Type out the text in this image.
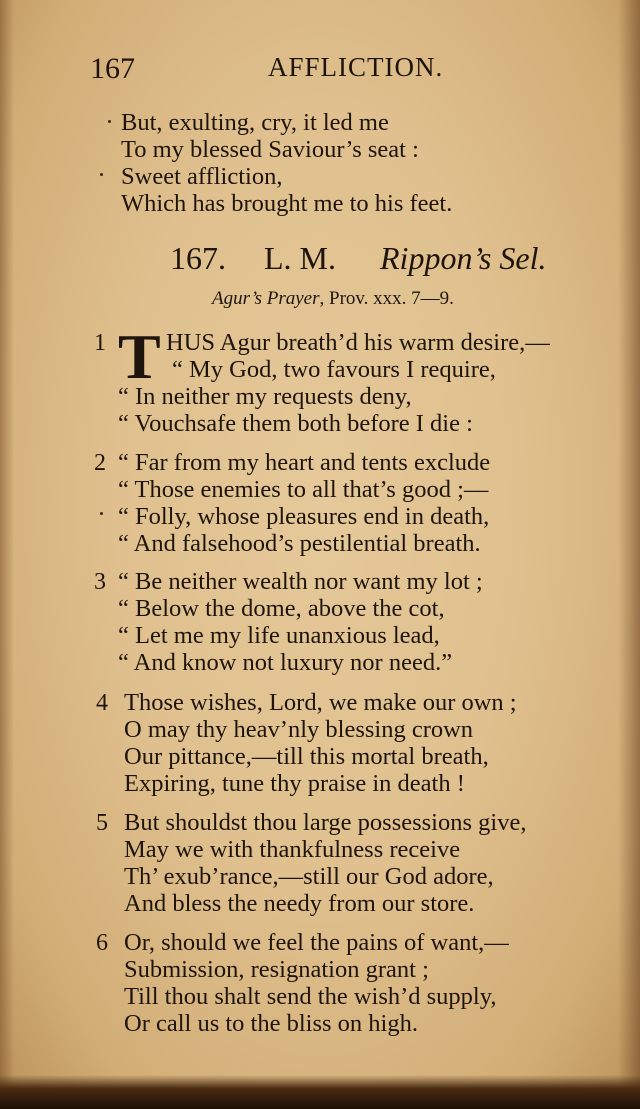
167	AFFLICTION.
But, exulting, cry, it led me
To my blessed Saviour’s seat :
Sweet affliction,
Which has brought me to his feet.
167. L. M. Rippon’s Sel.
Agur’s Prayer, Prov. xxx. 7—9.
1 T HUS Agur breath’d his warm desire,—
“ My God, two favours I require,
“ In neither my requests deny,
“ Vouchsafe them both before I die :
2 “ Far from my heart and tents exclude
“ Those enemies to all that’s good ;—
“ Folly, whose pleasures end in death,
“ And falsehood’s pestilential breath.
3 “ Be neither wealth nor want my lot ;
“ Below the dome, above the cot,
“ Let me my life unanxious lead,
“ And know not luxury nor need.”
4 Those wishes, Lord, we make our own ;
O may thy heav’nly blessing crown
Our pittance,—till this mortal breath,
Expiring, tune thy praise in death !
5 But shouldst thou large possessions give,
May we with thankfulness receive
Th’ exub’rance,—still our God adore,
And bless the needy from our store.
6 Or, should we feel the pains of want,—
Submission, resignation grant ;
Till thou shalt send the wish’d supply,
Or call us to the bliss on high.
